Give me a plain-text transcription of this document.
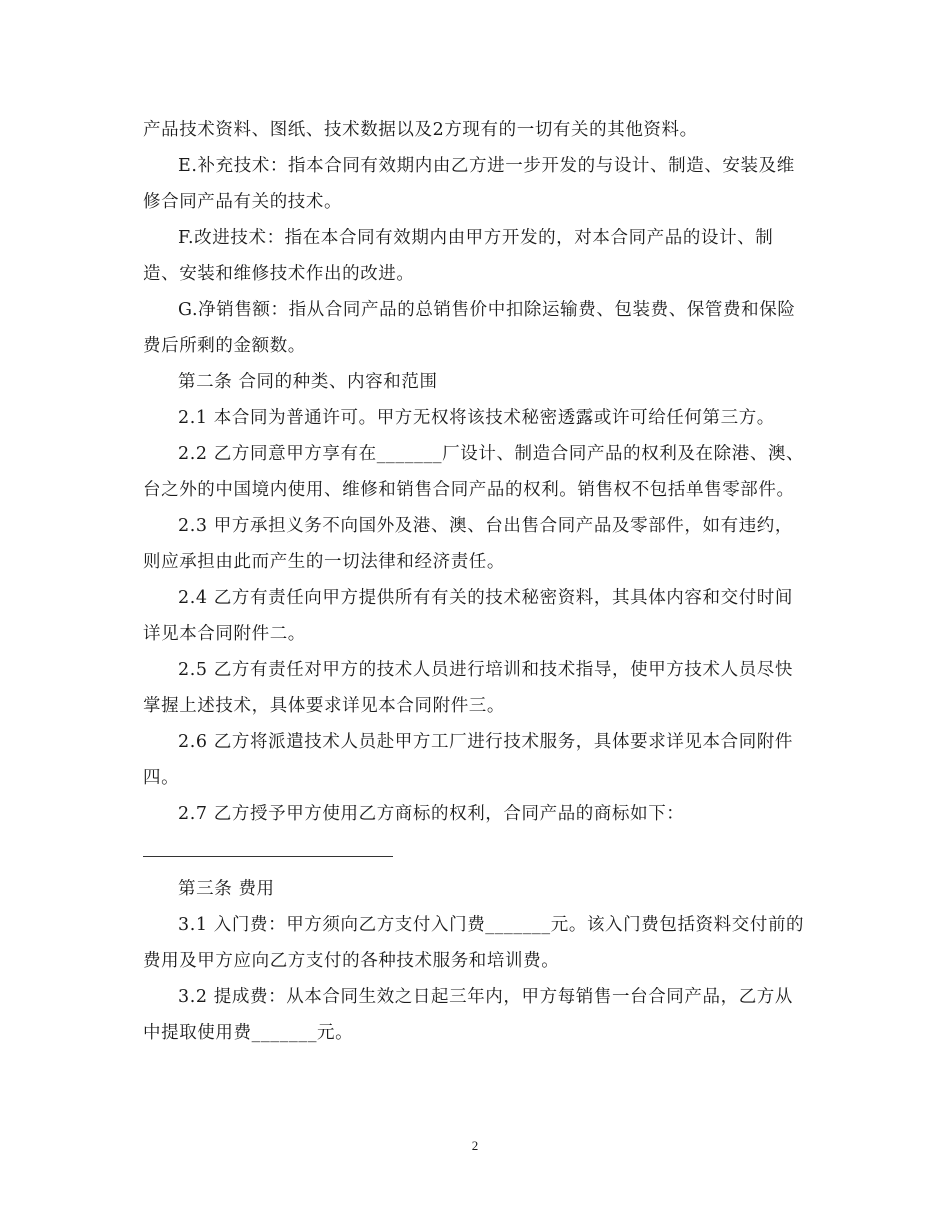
产品技术资料、图纸、技术数据以及2方现有的一切有关的其他资料。

E.补充技术：指本合同有效期内由乙方进一步开发的与设计、制造、安装及维修合同产品有关的技术。

F.改进技术：指在本合同有效期内由甲方开发的，对本合同产品的设计、制造、安装和维修技术作出的改进。

G.净销售额：指从合同产品的总销售价中扣除运输费、包装费、保管费和保险费后所剩的金额数。

第二条 合同的种类、内容和范围

2.1 本合同为普通许可。甲方无权将该技术秘密透露或许可给任何第三方。

2.2 乙方同意甲方享有在_______厂设计、制造合同产品的权利及在除港、澳、台之外的中国境内使用、维修和销售合同产品的权利。销售权不包括单售零部件。

2.3 甲方承担义务不向国外及港、澳、台出售合同产品及零部件，如有违约，则应承担由此而产生的一切法律和经济责任。

2.4 乙方有责任向甲方提供所有有关的技术秘密资料，其具体内容和交付时间详见本合同附件二。

2.5 乙方有责任对甲方的技术人员进行培训和技术指导，使甲方技术人员尽快掌握上述技术，具体要求详见本合同附件三。

2.6 乙方将派遣技术人员赴甲方工厂进行技术服务，具体要求详见本合同附件四。

2.7 乙方授予甲方使用乙方商标的权利，合同产品的商标如下：

第三条 费用

3.1 入门费：甲方须向乙方支付入门费_______元。该入门费包括资料交付前的费用及甲方应向乙方支付的各种技术服务和培训费。

3.2 提成费：从本合同生效之日起三年内，甲方每销售一台合同产品，乙方从中提取使用费_______元。

2
